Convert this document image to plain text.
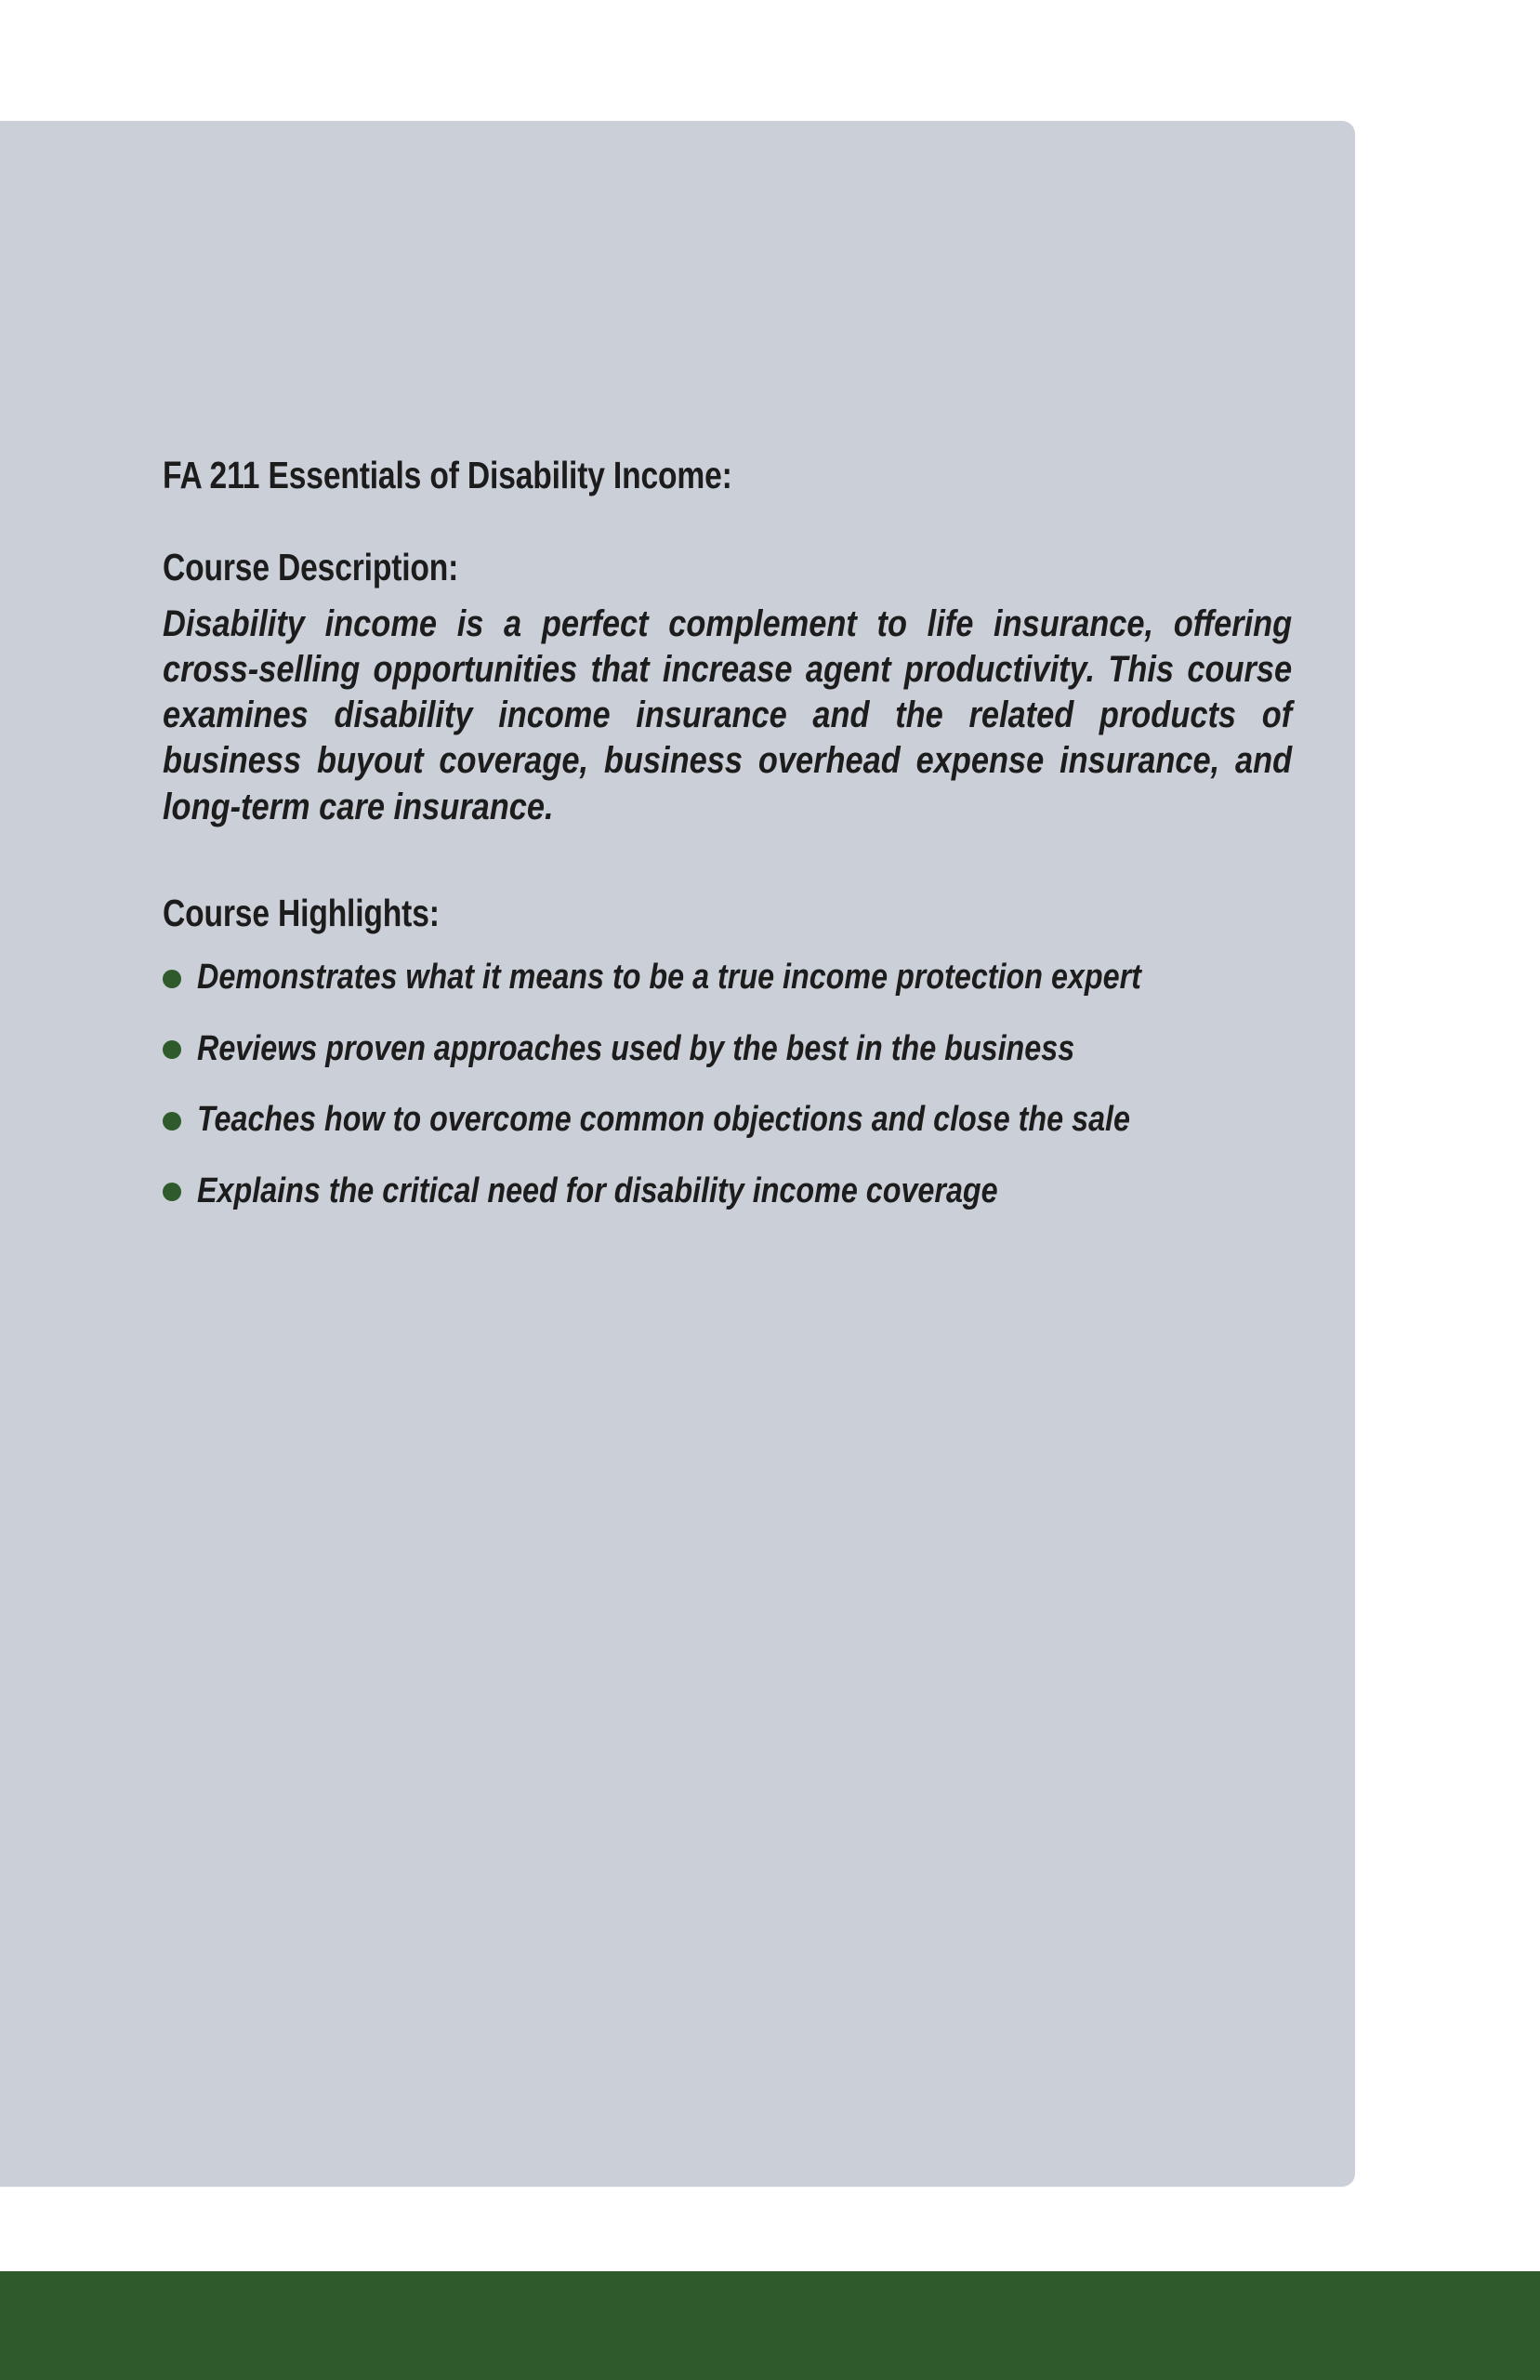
FA 211 Essentials of Disability Income:
Course Description:

Disability income is a perfect complement to life insurance, offering cross-selling opportunities that increase agent productivity. This course examines disability income insurance and the related products of business buyout coverage, business overhead expense insurance, and long-term care insurance.

Course Highlights:
Demonstrates what it means to be a true income protection expert
Reviews proven approaches used by the best in the business
Teaches how to overcome common objections and close the sale
Explains the critical need for disability income coverage
